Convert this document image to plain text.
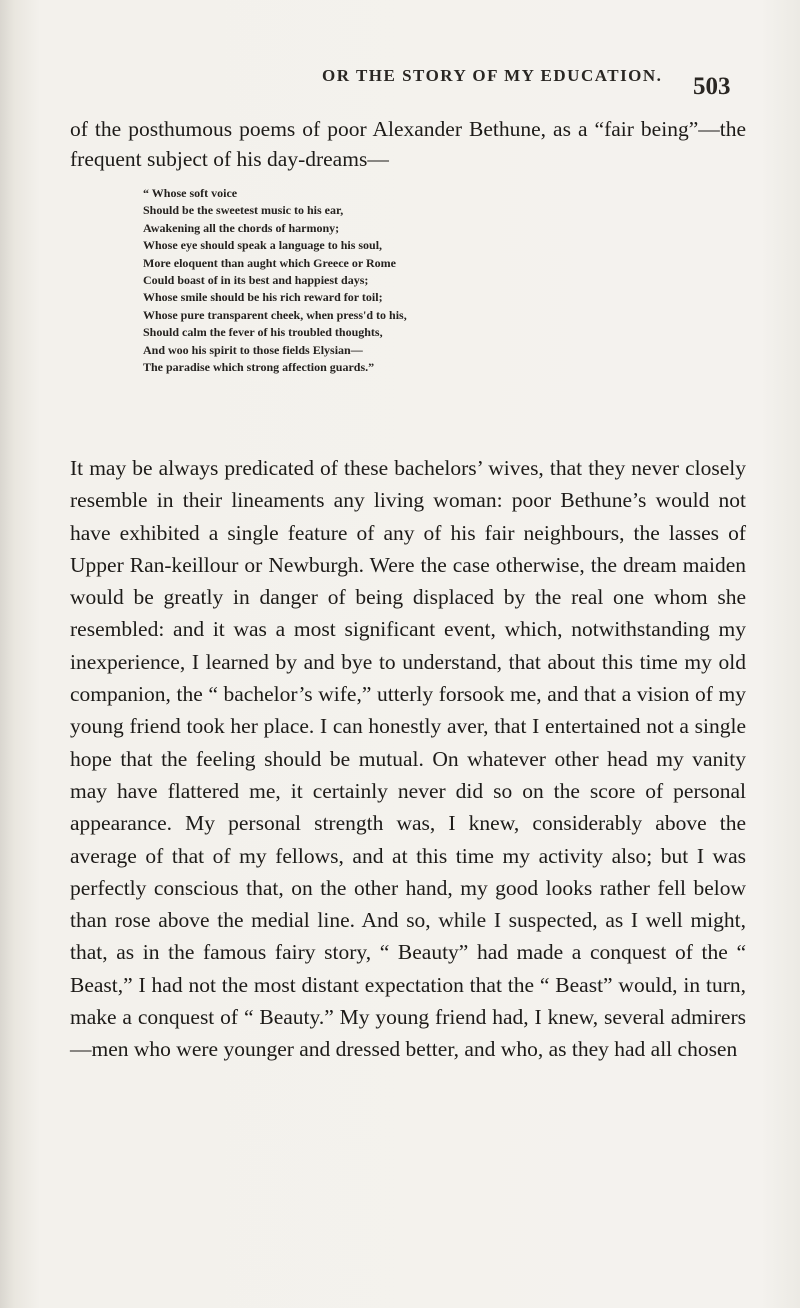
OR THE STORY OF MY EDUCATION. 503

of the posthumous poems of poor Alexander Bethune, as a “fair being”—the frequent subject of his day-dreams—

“ Whose soft voice
Should be the sweetest music to his ear,
Awakening all the chords of harmony;
Whose eye should speak a language to his soul,
More eloquent than aught which Greece or Rome
Could boast of in its best and happiest days;
Whose smile should be his rich reward for toil;
Whose pure transparent cheek, when press'd to his,
Should calm the fever of his troubled thoughts,
And woo his spirit to those fields Elysian—
The paradise which strong affection guards.”

It may be always predicated of these bachelors’ wives, that they never closely resemble in their lineaments any living woman: poor Bethune’s would not have exhibited a single feature of any of his fair neighbours, the lasses of Upper Ran-keillour or Newburgh. Were the case otherwise, the dream maiden would be greatly in danger of being displaced by the real one whom she resembled: and it was a most significant event, which, notwithstanding my inexperience, I learned by and bye to understand, that about this time my old companion, the “ bachelor’s wife,” utterly forsook me, and that a vision of my young friend took her place. I can honestly aver, that I entertained not a single hope that the feeling should be mutual. On whatever other head my vanity may have flattered me, it certainly never did so on the score of personal appearance. My personal strength was, I knew, considerably above the average of that of my fellows, and at this time my activity also; but I was perfectly conscious that, on the other hand, my good looks rather fell below than rose above the medial line. And so, while I suspected, as I well might, that, as in the famous fairy story, “ Beauty” had made a conquest of the “ Beast,” I had not the most distant expectation that the “ Beast” would, in turn, make a conquest of “ Beauty.” My young friend had, I knew, several admirers—men who were younger and dressed better, and who, as they had all chosen
